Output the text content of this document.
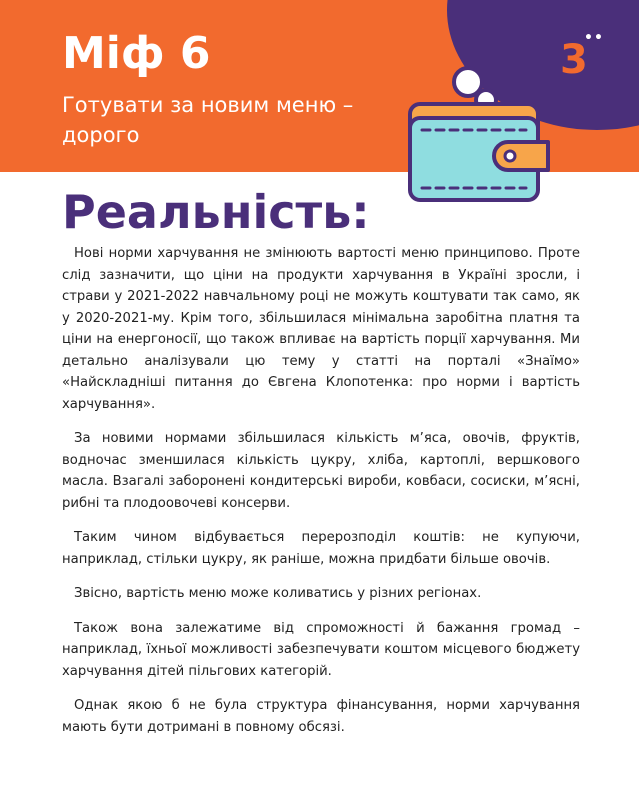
3
••
Міф 6
Готувати за новим меню – дорого
Реальність:

Нові норми харчування не змінюють вартості меню принципово. Проте слід зазначити, що ціни на продукти харчування в Україні зросли, і страви у 2021-2022 навчальному році не можуть коштувати так само, як у 2020-2021-му. Крім того, збільшилася мінімальна заробітна платня та ціни на енергоносії, що також впливає на вартість порції харчування. Ми детально аналізували цю тему у статті на порталі «Знаїмо» «Найскладніші питання до Євгена Клопотенка: про норми і вартість харчування».

За новими нормами збільшилася кількість м’яса, овочів, фруктів, водночас зменшилася кількість цукру, хліба, картоплі, вершкового масла. Взагалі заборонені кондитерські вироби, ковбаси, сосиски, м’ясні, рибні та плодоовочеві консерви.

Таким чином відбувається перерозподіл коштів: не купуючи, наприклад, стільки цукру, як раніше, можна придбати більше овочів.

Звісно, вартість меню може коливатись у різних регіонах.

Також вона залежатиме від спроможності й бажання громад – наприклад, їхньої можливості забезпечувати коштом місцевого бюджету харчування дітей пільгових категорій.

Однак якою б не була структура фінансування, норми харчування мають бути дотримані в повному обсязі.
